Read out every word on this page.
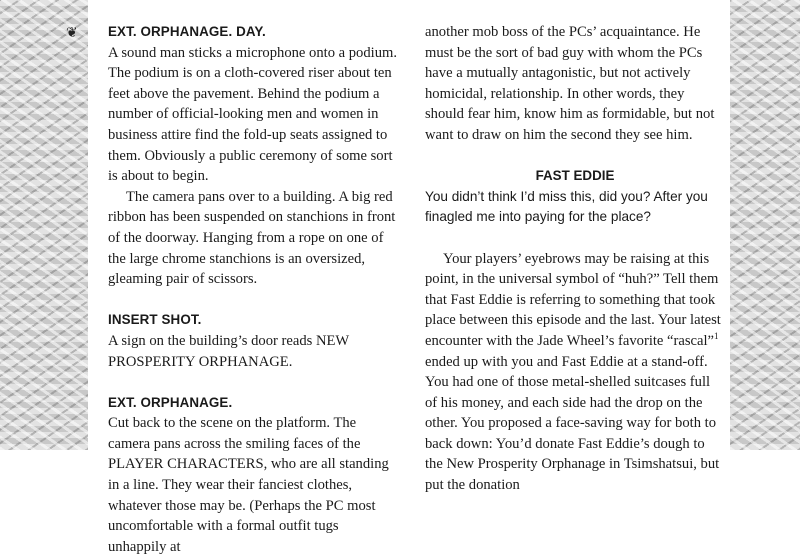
❦ EXT. ORPHANAGE. DAY.

A sound man sticks a microphone onto a podium. The podium is on a cloth-covered riser about ten feet above the pavement. Behind the podium a number of official-looking men and women in business attire find the fold-up seats assigned to them. Obviously a public ceremony of some sort is about to begin.

The camera pans over to a building. A big red ribbon has been suspended on stanchions in front of the doorway. Hanging from a rope on one of the large chrome stanchions is an oversized, gleaming pair of scissors.

INSERT SHOT.

A sign on the building’s door reads NEW PROSPERITY ORPHANAGE.

EXT. ORPHANAGE.

Cut back to the scene on the platform. The camera pans across the smiling faces of the PLAYER CHARACTERS, who are all standing in a line. They wear their fanciest clothes, whatever those may be. (Perhaps the PC most uncomfortable with a formal outfit tugs unhappily at

another mob boss of the PCs’ acquaintance. He must be the sort of bad guy with whom the PCs have a mutually antagonistic, but not actively homicidal, relationship. In other words, they should fear him, know him as formidable, but not want to draw on him the second they see him.

FAST EDDIE

You didn’t think I’d miss this, did you? After you finagled me into paying for the place?

Your players’ eyebrows may be raising at this point, in the universal symbol of “huh?” Tell them that Fast Eddie is referring to something that took place between this episode and the last. Your latest encounter with the Jade Wheel’s favorite “rascal”$^1$ ended up with you and Fast Eddie at a stand-off. You had one of those metal-shelled suitcases full of his money, and each side had the drop on the other. You proposed a face-saving way for both to back down: You’d donate Fast Eddie’s dough to the New Prosperity Orphanage in Tsimshatsui, but put the donation
